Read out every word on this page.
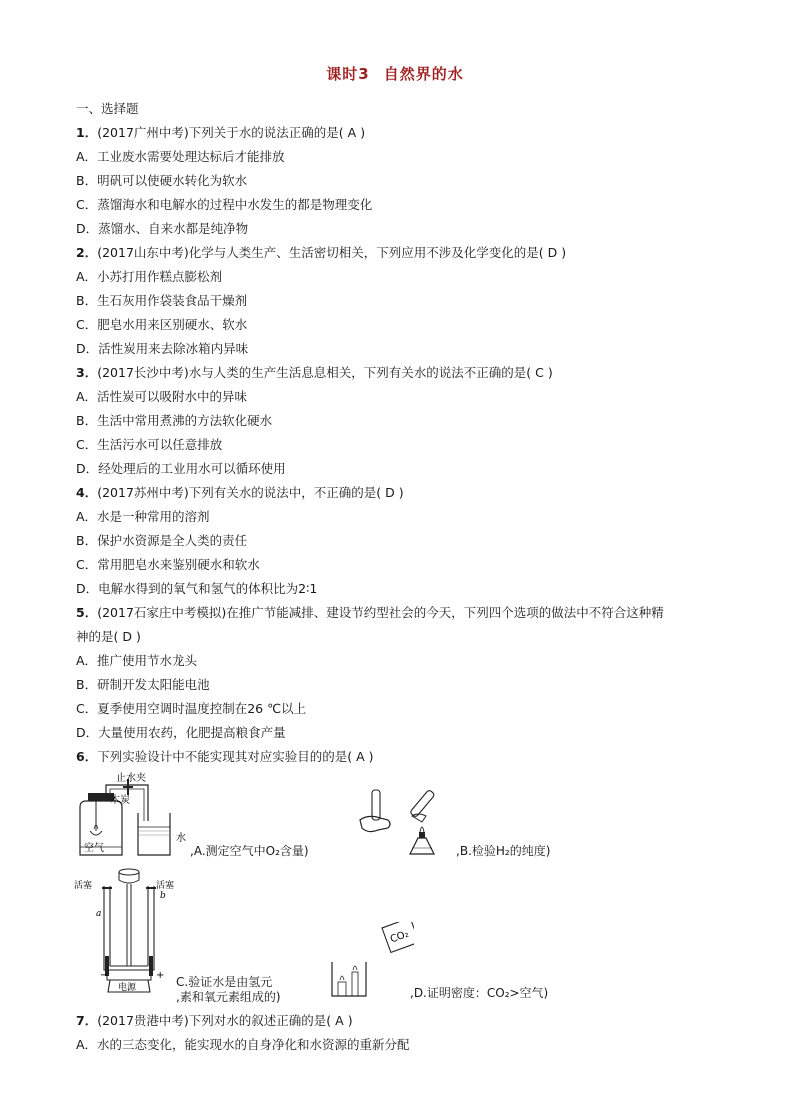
课时3 自然界的水
一、选择题
1．(2017广州中考)下列关于水的说法正确的是( A )
A．工业废水需要处理达标后才能排放
B．明矾可以使硬水转化为软水
C．蒸馏海水和电解水的过程中水发生的都是物理变化
D．蒸馏水、自来水都是纯净物
2．(2017山东中考)化学与人类生产、生活密切相关，下列应用不涉及化学变化的是( D )
A．小苏打用作糕点膨松剂
B．生石灰用作袋装食品干燥剂
C．肥皂水用来区别硬水、软水
D．活性炭用来去除冰箱内异味
3．(2017长沙中考)水与人类的生产生活息息相关，下列有关水的说法不正确的是( C )
A．活性炭可以吸附水中的异味
B．生活中常用煮沸的方法软化硬水
C．生活污水可以任意排放
D．经处理后的工业用水可以循环使用
4．(2017苏州中考)下列有关水的说法中，不正确的是( D )
A．水是一种常用的溶剂
B．保护水资源是全人类的责任
C．常用肥皂水来鉴别硬水和软水
D．电解水得到的氧气和氢气的体积比为2∶1
5．(2017石家庄中考模拟)在推广节能减排、建设节约型社会的今天，下列四个选项的做法中不符合这种精
神的是( D )
A．推广使用节水龙头
B．研制开发太阳能电池
C．夏季使用空调时温度控制在26 ℃以上
D．大量使用农药，化肥提高粮食产量
6．下列实验设计中不能实现其对应实验目的的是( A )
止水夹
木炭
空气
水
,A.测定空气中O₂含量)	,B.检验H₂的纯度)
电源
−	+
活塞	活塞
a
b
C.验证水是由氢元
,素和氧元素组成的)
CO₂
,D.证明密度：CO₂>空气)
7．(2017贵港中考)下列对水的叙述正确的是( A )
A．水的三态变化，能实现水的自身净化和水资源的重新分配
